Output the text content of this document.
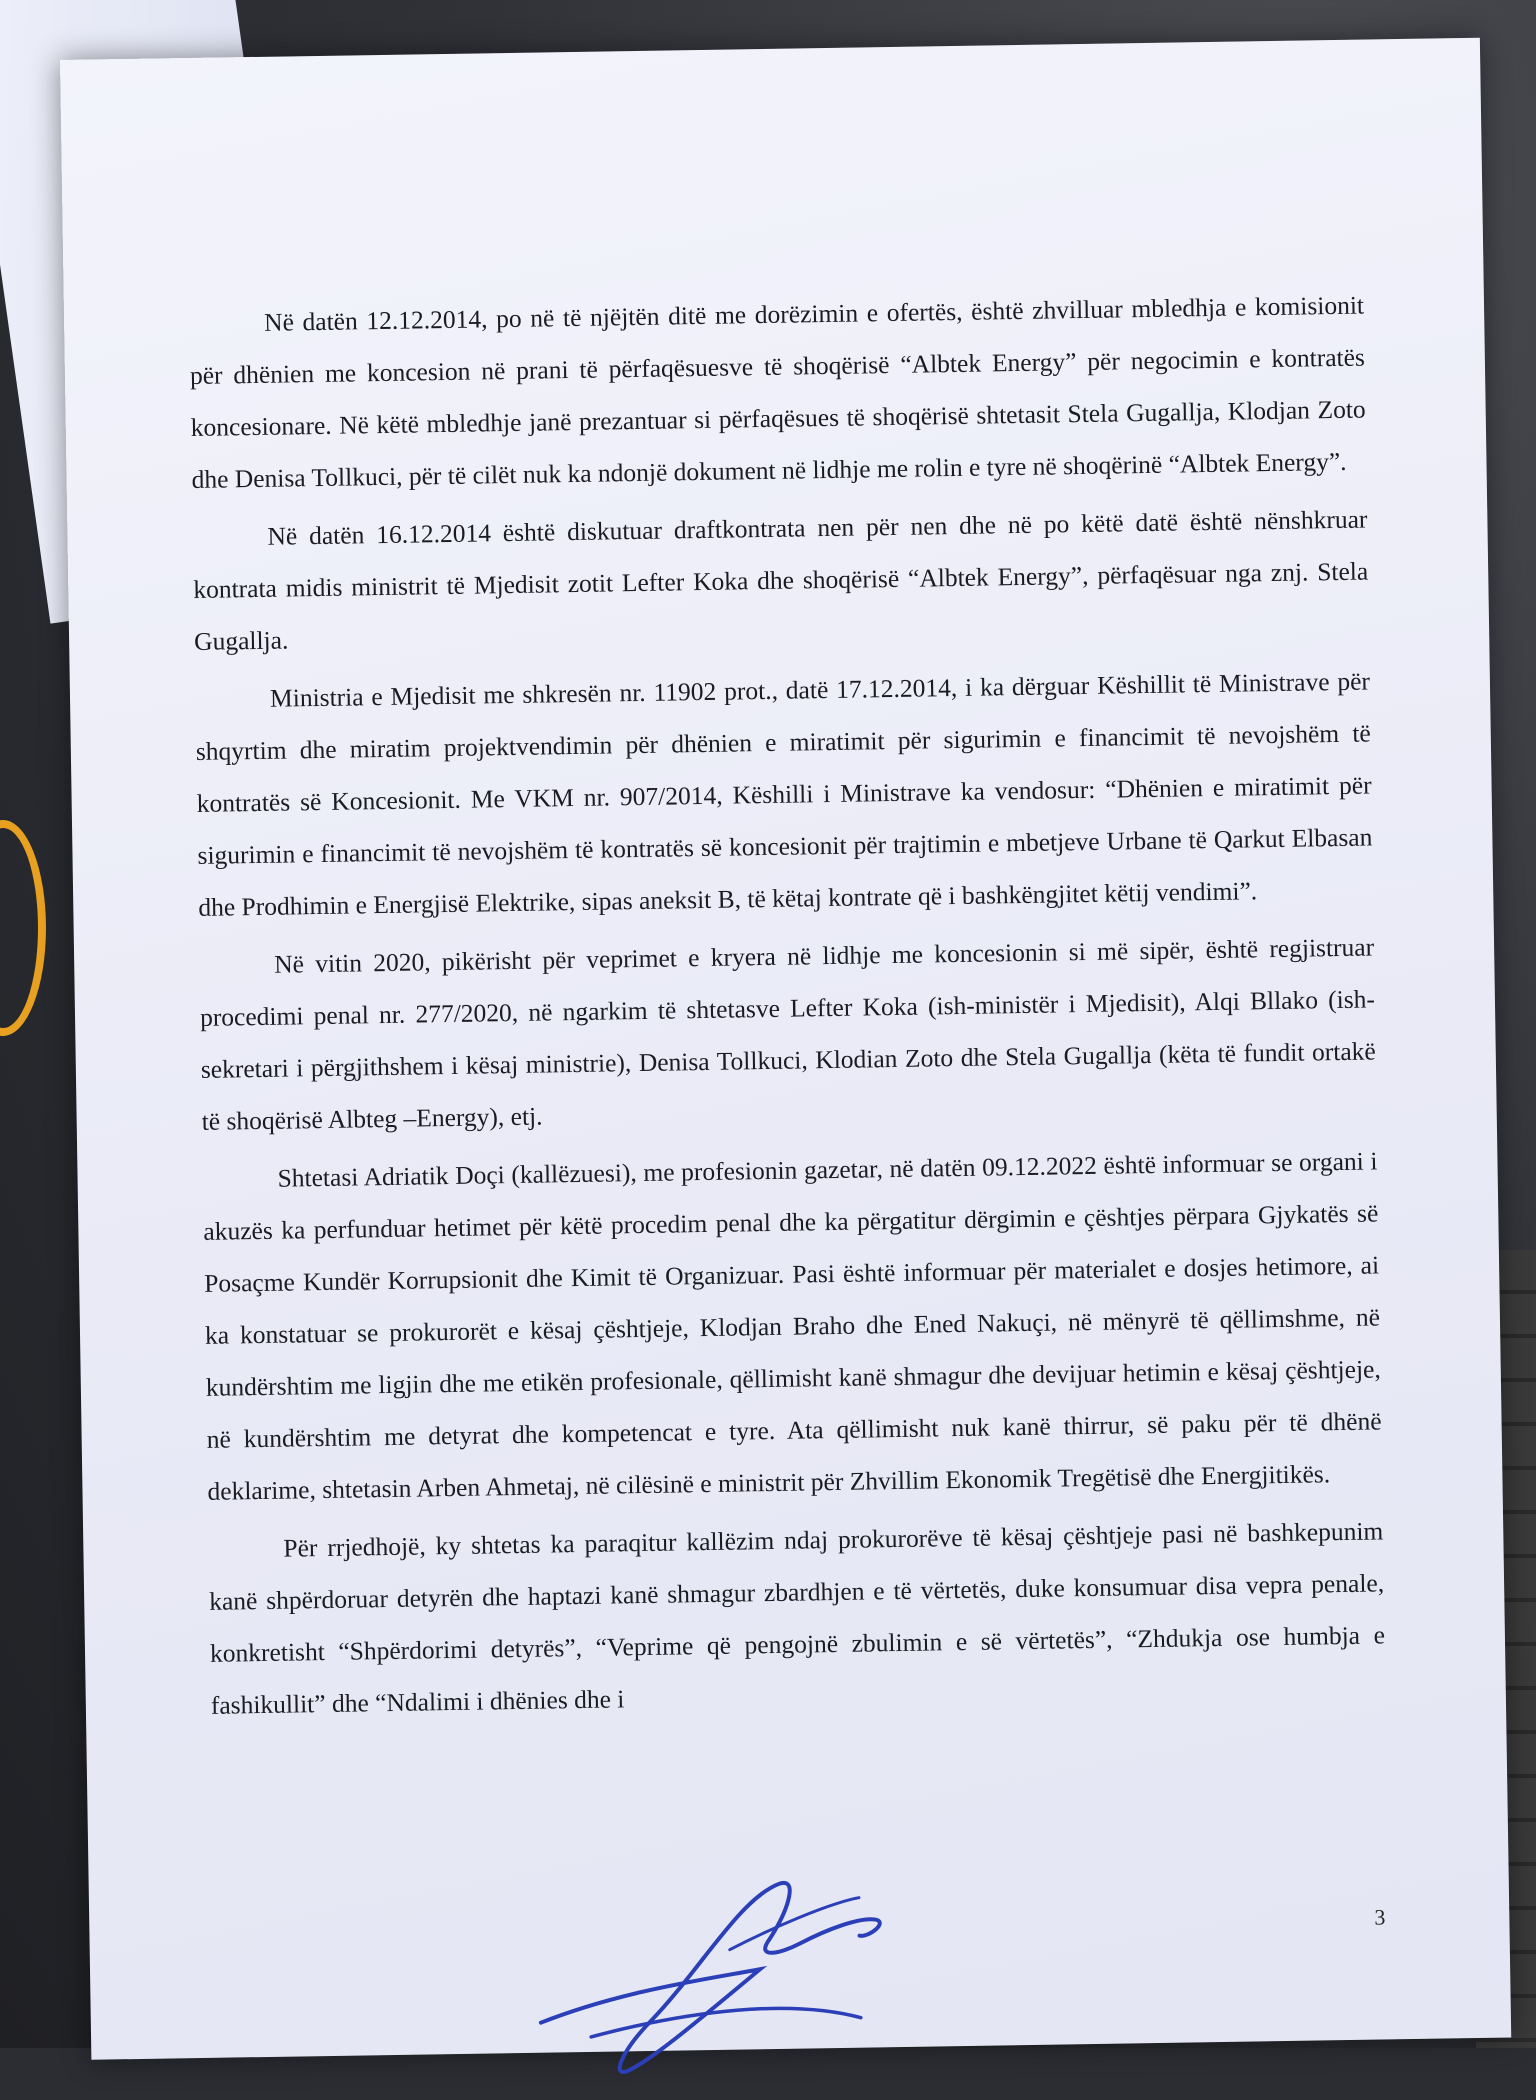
Në datën 12.12.2014, po në të njëjtën ditë me dorëzimin e ofertës, është zhvilluar mbledhja e komisionit për dhënien me koncesion në prani të përfaqësuesve të shoqërisë “Albtek Energy” për negocimin e kontratës koncesionare. Në këtë mbledhje janë prezantuar si përfaqësues të shoqërisë shtetasit Stela Gugallja, Klodjan Zoto dhe Denisa Tollkuci, për të cilët nuk ka ndonjë dokument në lidhje me rolin e tyre në shoqërinë “Albtek Energy”.

Në datën 16.12.2014 është diskutuar draftkontrata nen për nen dhe në po këtë datë është nënshkruar kontrata midis ministrit të Mjedisit zotit Lefter Koka dhe shoqërisë “Albtek Energy”, përfaqësuar nga znj. Stela Gugallja.

Ministria e Mjedisit me shkresën nr. 11902 prot., datë 17.12.2014, i ka dërguar Këshillit të Ministrave për shqyrtim dhe miratim projektvendimin për dhënien e miratimit për sigurimin e financimit të nevojshëm të kontratës së Koncesionit. Me VKM nr. 907/2014, Këshilli i Ministrave ka vendosur: “Dhënien e miratimit për sigurimin e financimit të nevojshëm të kontratës së koncesionit për trajtimin e mbetjeve Urbane të Qarkut Elbasan dhe Prodhimin e Energjisë Elektrike, sipas aneksit B, të këtaj kontrate që i bashkëngjitet këtij vendimi”.

Në vitin 2020, pikërisht për veprimet e kryera në lidhje me koncesionin si më sipër, është regjistruar procedimi penal nr. 277/2020, në ngarkim të shtetasve Lefter Koka (ish-ministër i Mjedisit), Alqi Bllako (ish-sekretari i përgjithshem i kësaj ministrie), Denisa Tollkuci, Klodian Zoto dhe Stela Gugallja (këta të fundit ortakë të shoqërisë Albteg –Energy), etj.

Shtetasi Adriatik Doçi (kallëzuesi), me profesionin gazetar, në datën 09.12.2022 është informuar se organi i akuzës ka perfunduar hetimet për këtë procedim penal dhe ka përgatitur dërgimin e çështjes përpara Gjykatës së Posaçme Kundër Korrupsionit dhe Kimit të Organizuar. Pasi është informuar për materialet e dosjes hetimore, ai ka konstatuar se prokurorët e kësaj çështjeje, Klodjan Braho dhe Ened Nakuçi, në mënyrë të qëllimshme, në kundërshtim me ligjin dhe me etikën profesionale, qëllimisht kanë shmagur dhe devijuar hetimin e kësaj çështjeje, në kundërshtim me detyrat dhe kompetencat e tyre. Ata qëllimisht nuk kanë thirrur, së paku për të dhënë deklarime, shtetasin Arben Ahmetaj, në cilësinë e ministrit për Zhvillim Ekonomik Tregëtisë dhe Energjitikës.

Për rrjedhojë, ky shtetas ka paraqitur kallëzim ndaj prokurorëve të kësaj çështjeje pasi në bashkepunim kanë shpërdoruar detyrën dhe haptazi kanë shmagur zbardhjen e të vërtetës, duke konsumuar disa vepra penale, konkretisht “Shpërdorimi detyrës”, “Veprime që pengojnë zbulimin e së vërtetës”, “Zhdukja ose humbja e fashikullit” dhe “Ndalimi i dhënies dhe i

3
